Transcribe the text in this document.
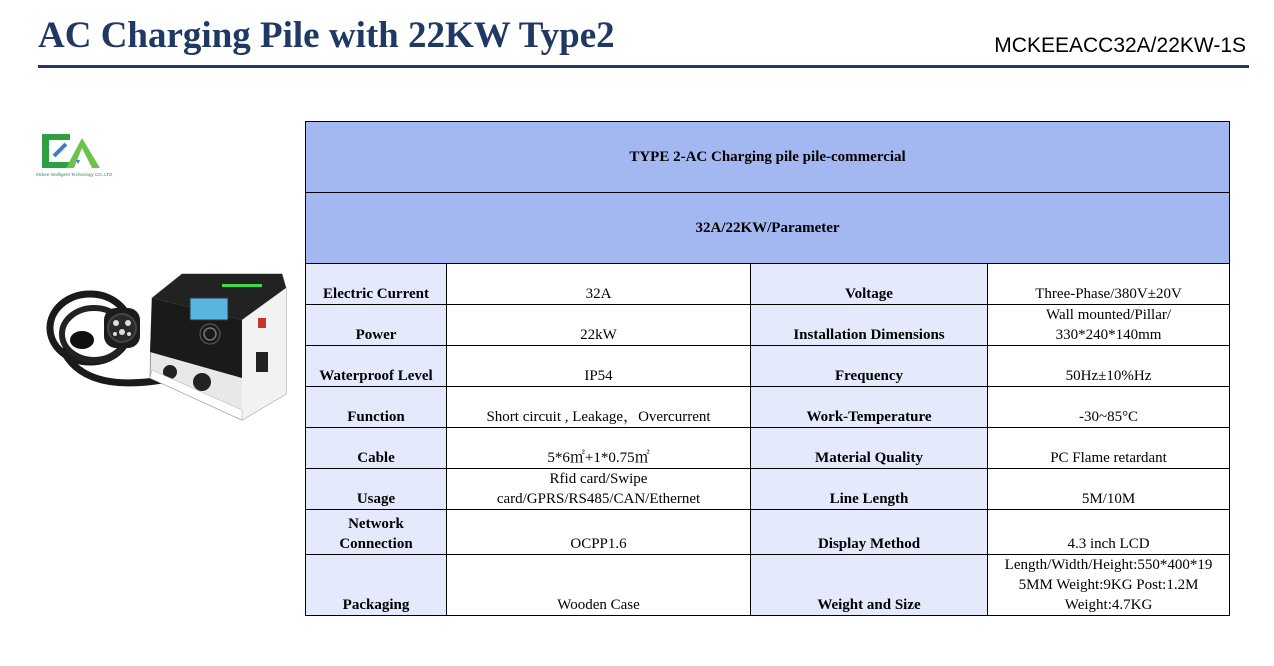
AC Charging Pile with 22KW Type2	MCKEEACC32A/22KW-1S
Mckee Intelligent Technology CO.,LTD
TYPE 2-AC Charging pile pile-commercial			
32A/22KW/Parameter			
Electric Current	32A	Voltage	Three-Phase/380V±20V
Power	22kW	Installation Dimensions	Wall mounted/Pillar/
330*240*140mm

Waterproof Level	IP54	Frequency	50Hz±10%Hz
Function	Short circuit , Leakage，Overcurrent	Work-Temperature	-30~85°C
Cable	5*6㎡+1*0.75㎡	Material Quality	PC Flame retardant
Usage	Rfid card/Swipe
card/GPRS/RS485/CAN/Ethernet	Line Length	5M/10M

Network
Connection	OCPP1.6	Display Method	4.3 inch LCD
Packaging	Wooden Case	Weight and Size	Length/Width/Height:550*400*19
5MM Weight:9KG Post:1.2M
Weight:4.7KG
